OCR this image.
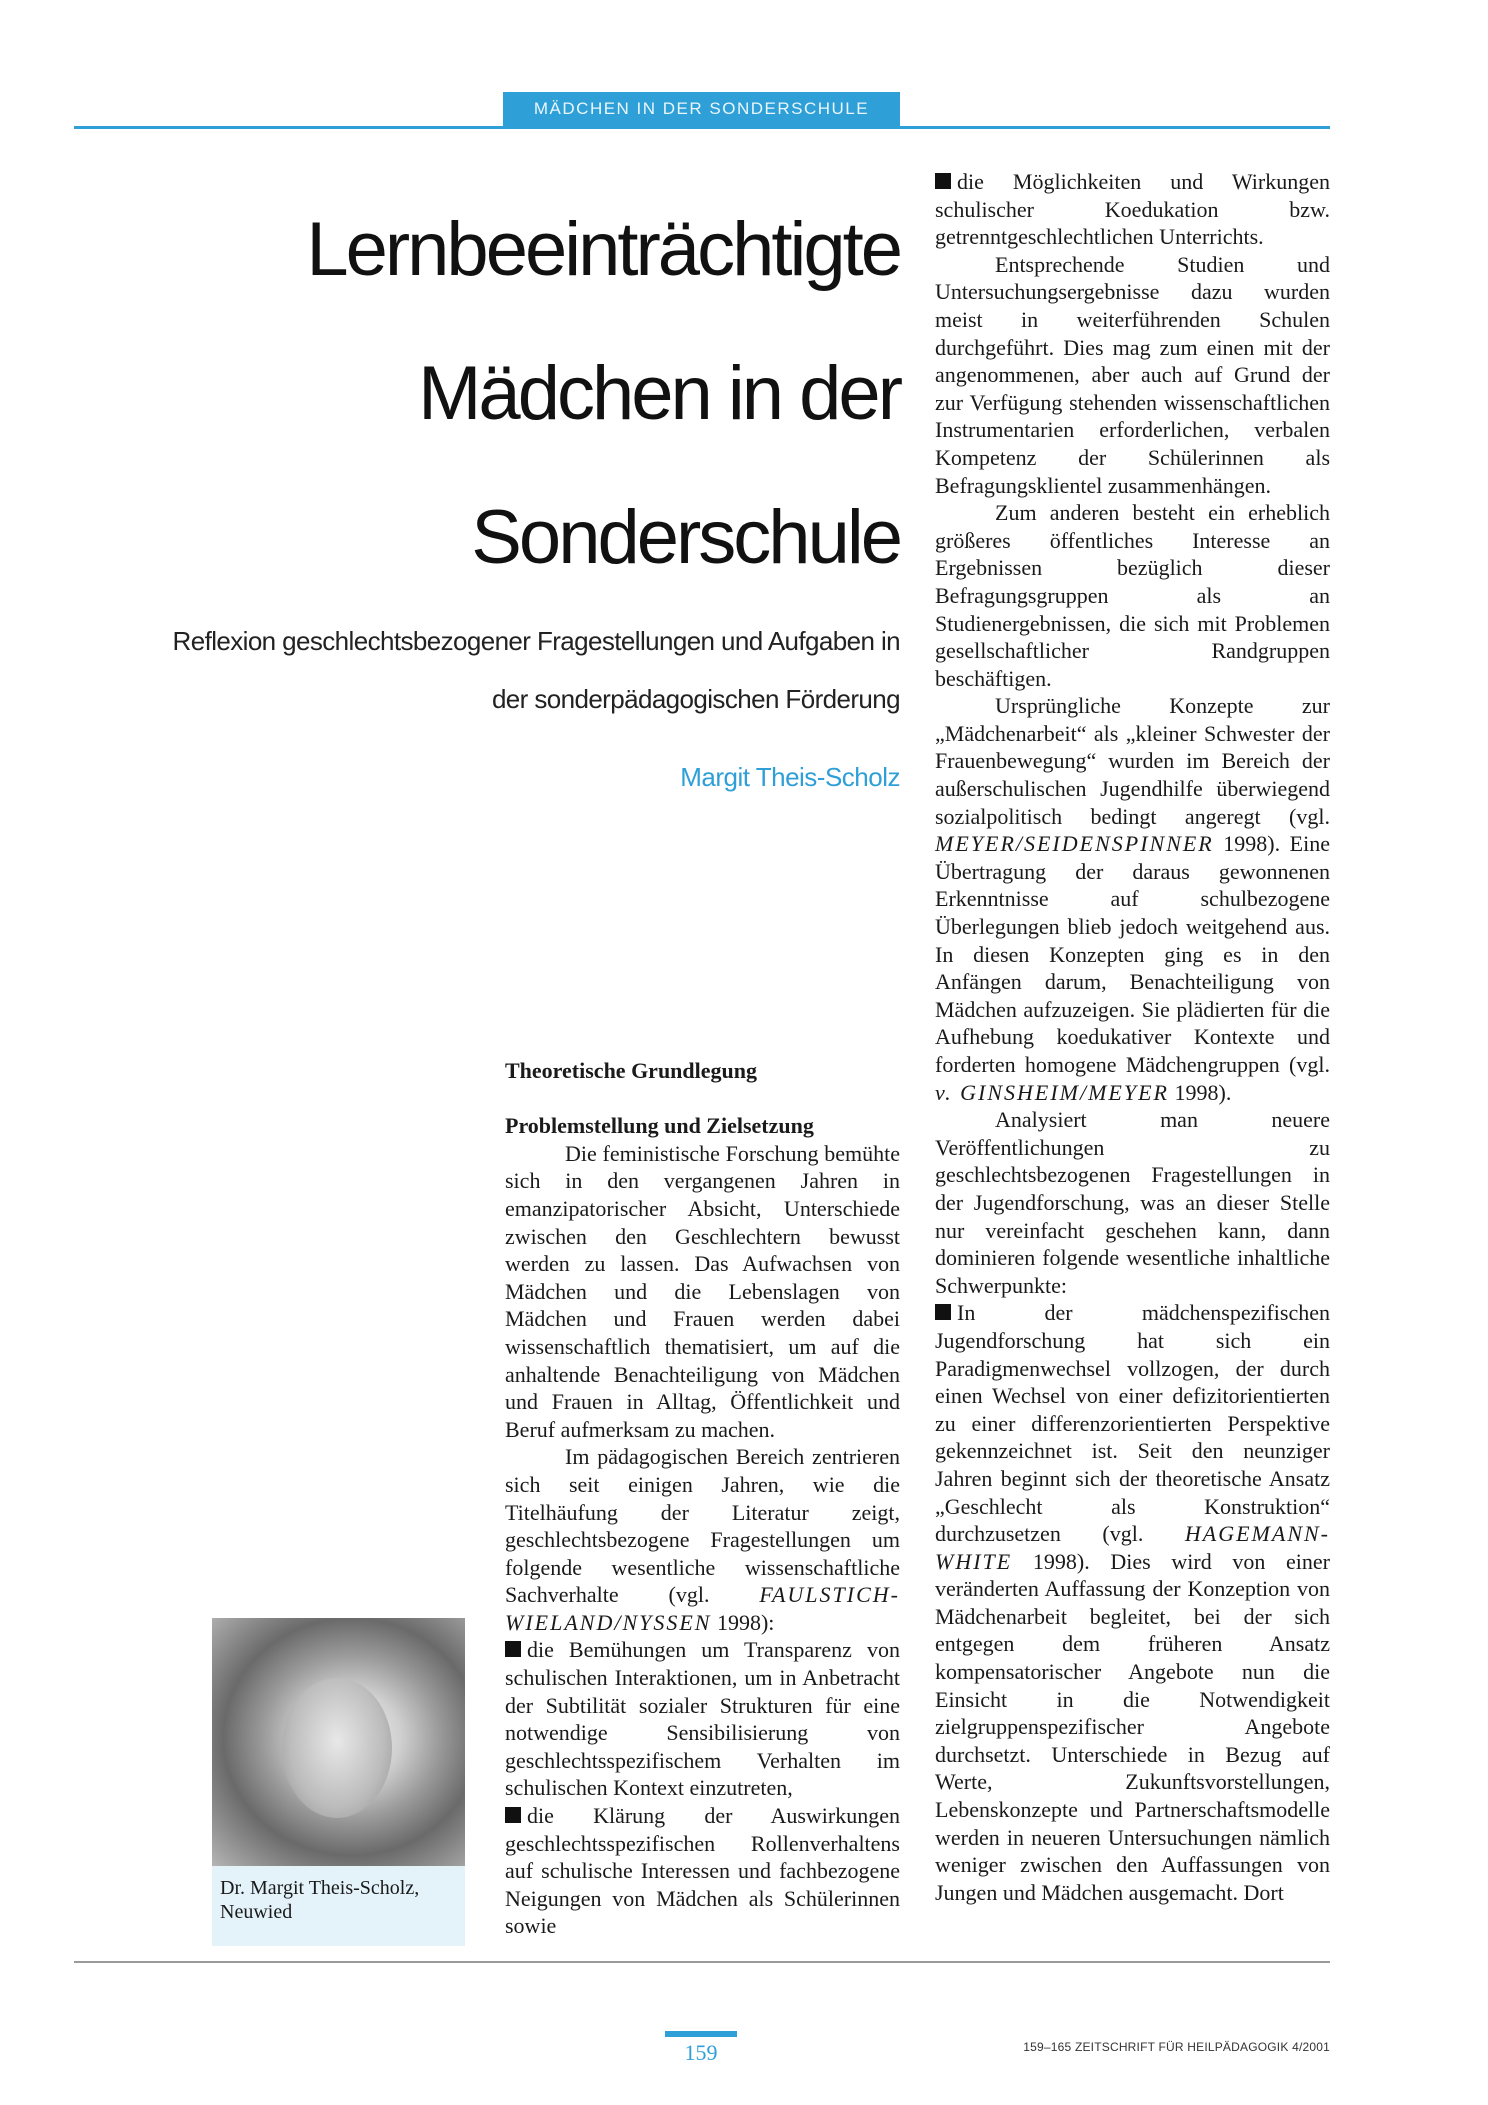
MÄDCHEN IN DER SONDERSCHULE
Lernbeeinträchtigte
Mädchen in der
Sonderschule

Reflexion geschlechtsbezogener Fragestellungen und Aufgaben in
der sonderpädagogischen Förderung

Margit Theis-Scholz

Theoretische Grundlegung

Problemstellung und Zielsetzung

Die feministische Forschung bemühte sich in den vergangenen Jahren in emanzipatorischer Absicht, Unterschiede zwischen den Geschlechtern bewusst werden zu lassen. Das Aufwachsen von Mädchen und die Lebenslagen von Mädchen und Frauen werden dabei wissenschaftlich thematisiert, um auf die anhaltende Benachteiligung von Mädchen und Frauen in Alltag, Öffentlichkeit und Beruf aufmerksam zu machen.

Im pädagogischen Bereich zentrieren sich seit einigen Jahren, wie die Titelhäufung der Literatur zeigt, geschlechtsbezogene Fragestellungen um folgende wesentliche wissenschaftliche Sachverhalte (vgl. FAULSTICH-WIELAND/NYSSEN 1998):

die Bemühungen um Transparenz von schulischen Interaktionen, um in Anbetracht der Subtilität sozialer Strukturen für eine notwendige Sensibilisierung von geschlechtsspezifischem Verhalten im schulischen Kontext einzutreten,

die Klärung der Auswirkungen geschlechtsspezifischen Rollenverhaltens auf schulische Interessen und fachbezogene Neigungen von Mädchen als Schülerinnen sowie

die Möglichkeiten und Wirkungen schulischer Koedukation bzw. getrenntgeschlechtlichen Unterrichts.

Entsprechende Studien und Untersuchungsergebnisse dazu wurden meist in weiterführenden Schulen durchgeführt. Dies mag zum einen mit der angenommenen, aber auch auf Grund der zur Verfügung stehenden wissenschaftlichen Instrumentarien erforderlichen, verbalen Kompetenz der Schülerinnen als Befragungsklientel zusammenhängen.

Zum anderen besteht ein erheblich größeres öffentliches Interesse an Ergebnissen bezüglich dieser Befragungsgruppen als an Studienergebnissen, die sich mit Problemen gesellschaftlicher Randgruppen beschäftigen.

Ursprüngliche Konzepte zur „Mädchenarbeit“ als „kleiner Schwester der Frauenbewegung“ wurden im Bereich der außerschulischen Jugendhilfe überwiegend sozialpolitisch bedingt angeregt (vgl. MEYER/SEIDENSPINNER 1998). Eine Übertragung der daraus gewonnenen Erkenntnisse auf schulbezogene Überlegungen blieb jedoch weitgehend aus. In diesen Konzepten ging es in den Anfängen darum, Benachteiligung von Mädchen aufzuzeigen. Sie plädierten für die Aufhebung koedukativer Kontexte und forderten homogene Mädchengruppen (vgl. v. GINSHEIM/MEYER 1998).

Analysiert man neuere Veröffentlichungen zu geschlechtsbezogenen Fragestellungen in der Jugendforschung, was an dieser Stelle nur vereinfacht geschehen kann, dann dominieren folgende wesentliche inhaltliche Schwerpunkte:

In der mädchenspezifischen Jugendforschung hat sich ein Paradigmenwechsel vollzogen, der durch einen Wechsel von einer defizitorientierten zu einer differenzorientierten Perspektive gekennzeichnet ist. Seit den neunziger Jahren beginnt sich der theoretische Ansatz „Geschlecht als Konstruktion“ durchzusetzen (vgl. HAGEMANN-WHITE 1998). Dies wird von einer veränderten Auffassung der Konzeption von Mädchenarbeit begleitet, bei der sich entgegen dem früheren Ansatz kompensatorischer Angebote nun die Einsicht in die Notwendigkeit zielgruppenspezifischer Angebote durchsetzt. Unterschiede in Bezug auf Werte, Zukunftsvorstellungen, Lebenskonzepte und Partnerschaftsmodelle werden in neueren Untersuchungen nämlich weniger zwischen den Auffassungen von Jungen und Mädchen ausgemacht. Dort

Dr. Margit Theis-Scholz,
Neuwied
159	159–165 ZEITSCHRIFT FÜR HEILPÄDAGOGIK 4/2001
